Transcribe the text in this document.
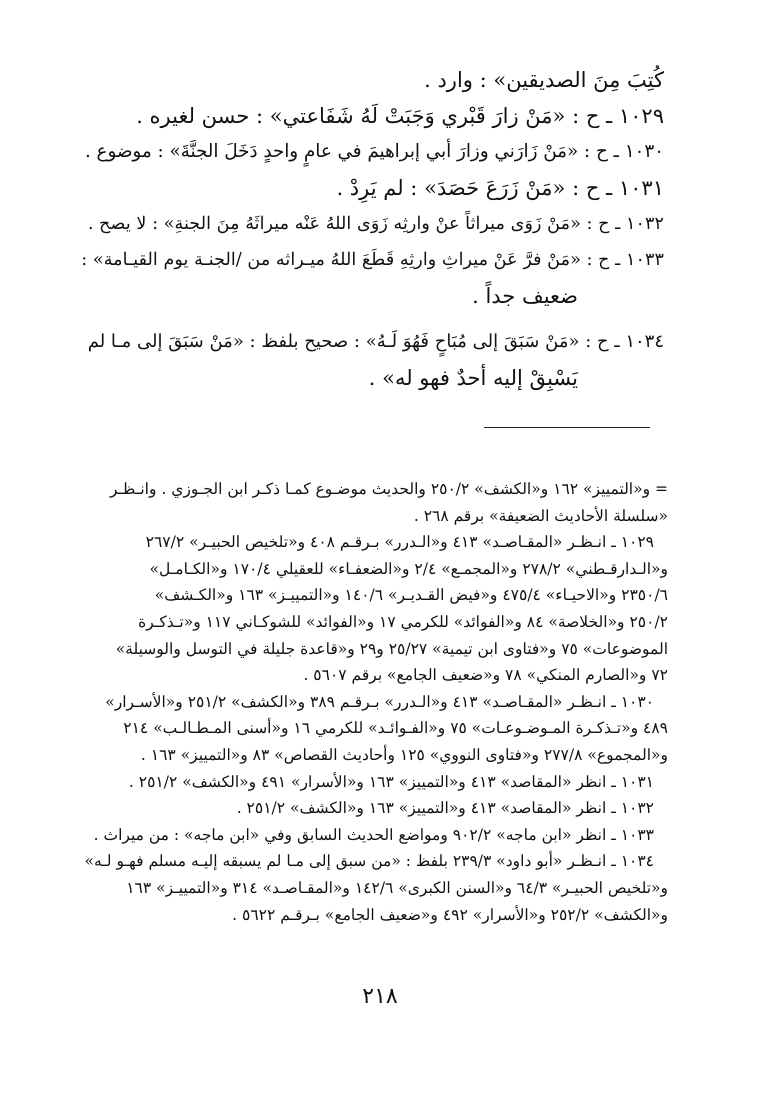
كُتِبَ مِنَ الصديقين» : وارد .

١٠٢٩ ـ ح : «مَنْ زارَ قَبْري وَجَبَتْ لَهُ شَفَاعتي» : حسن لغيره .

١٠٣٠ ـ ح : «مَنْ زَارَني وزارَ أبي إبراهيمَ في عامٍ واحدٍ دَخَلَ الجنَّةَ» : موضوع .

١٠٣١ ـ ح : «مَنْ زَرَعَ حَصَدَ» : لم يَرِدْ .

١٠٣٢ ـ ح : «مَنْ زَوَى ميراثاً عنْ وارثِه زَوَى اللهُ عَنْه ميراثَهُ مِنَ الجنةِ» : لا يصح .

١٠٣٣ ـ ح : «مَنْ فرَّ عَنْ ميراثِ وارثِهِ قَطَعَ اللهُ ميـراثه من /الجنـة يوم القيـامة» :

ضعيف جداً .

١٠٣٤ ـ ح : «مَنْ سَبَقَ إلى مُبَاحٍ فَهُوَ لَـهُ» : صحيح بلفظ : «مَنْ سَبَقَ إلى مـا لم

يَسْبِقْ إليه أحدٌ فهو له» .

= و«التمييز» ١٦٢ و«الكشف» ٢٥٠/٢ والحديث موضـوع كمـا ذكـر ابن الجـوزي . وانـظـر

«سلسلة الأحاديث الضعيفة» برقم ٢٦٨ .

١٠٢٩ ـ انـظـر «المقـاصـد» ٤١٣ و«الـدرر» بـرقـم ٤٠٨ و«تلخيص الحبيـر» ٢٦٧/٢

و«الـدارقـطني» ٢٧٨/٢ و«المجمـع» ٢/٤ و«الضعفـاء» للعقيلي ١٧٠/٤ و«الكـامـل»

٢٣٥٠/٦ و«الاحيـاء» ٤٧٥/٤ و«فيض القـديـر» ١٤٠/٦ و«التمييـز» ١٦٣ و«الكـشف»

٢٥٠/٢ و«الخلاصة» ٨٤ و«الفوائد» للكرمي ١٧ و«الفوائد» للشوكـاني ١١٧ و«تـذكـرة

الموضوعات» ٧٥ و«فتاوى ابن تيمية» ٢٥/٢٧ و٢٩ و«قاعدة جليلة في التوسل والوسيلة»

٧٢ و«الصارم المنكي» ٧٨ و«ضعيف الجامع» برقم ٥٦٠٧ .

١٠٣٠ ـ انـظـر «المقـاصـد» ٤١٣ و«الـدرر» بـرقـم ٣٨٩ و«الكشف» ٢٥١/٢ و«الأسـرار»

٤٨٩ و«تـذكـرة المـوضـوعـات» ٧٥ و«الفـوائـد» للكرمي ١٦ و«أسنى المـطـالـب» ٢١٤

و«المجموع» ٢٧٧/٨ و«فتاوى النووي» ١٢٥ وأحاديث القصاص» ٨٣ و«التمييز» ١٦٣ .

١٠٣١ ـ انظر «المقاصد» ٤١٣ و«التمييز» ١٦٣ و«الأسرار» ٤٩١ و«الكشف» ٢٥١/٢ .

١٠٣٢ ـ انظر «المقاصد» ٤١٣ و«التمييز» ١٦٣ و«الكشف» ٢٥١/٢ .

١٠٣٣ ـ انظر «ابن ماجه» ٩٠٢/٢ ومواضع الحديث السابق وفي «ابن ماجه» : من ميراث .

١٠٣٤ ـ انـظـر «أبو داود» ٢٣٩/٣ بلفظ : «من سبق إلى مـا لم يسبقه إليـه مسلم فهـو لـه»

و«تلخيص الحبيـر» ٦٤/٣ و«السنن الكبرى» ١٤٢/٦ و«المقـاصـد» ٣١٤ و«التمييـز» ١٦٣

و«الكشف» ٢٥٢/٢ و«الأسرار» ٤٩٢ و«ضعيف الجامع» بـرقـم ٥٦٢٢ .

٢١٨
